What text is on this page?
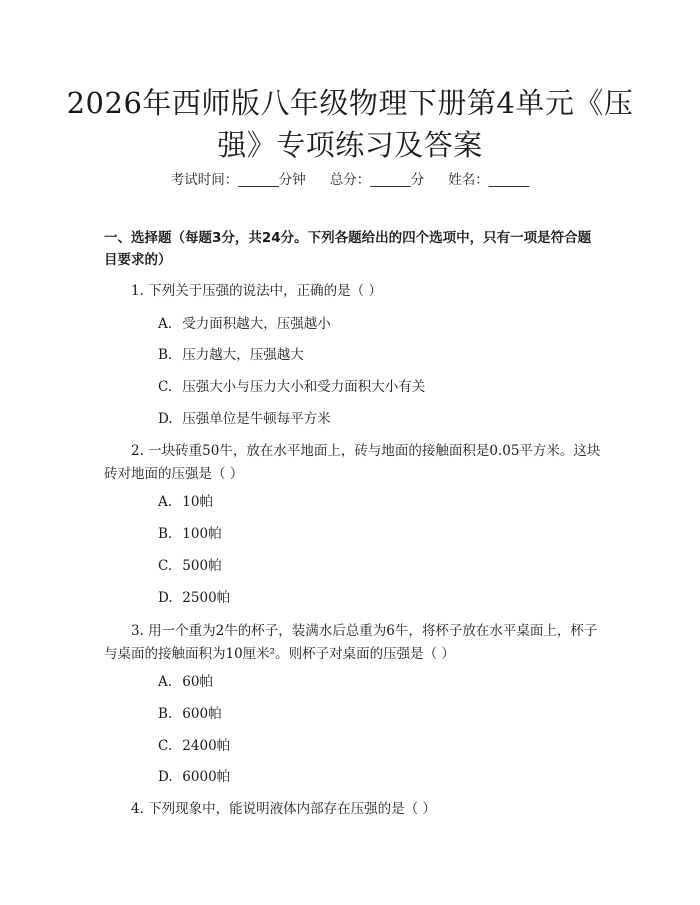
2026年西师版八年级物理下册第4单元《压强》专项练习及答案
考试时间：______分钟 总分：______分 姓名：______
一、选择题（每题3分，共24分。下列各题给出的四个选项中，只有一项是符合题目要求的）
1. 下列关于压强的说法中，正确的是（ ）
A. 受力面积越大，压强越小
B. 压力越大，压强越大
C. 压强大小与压力大小和受力面积大小有关
D. 压强单位是牛顿每平方米
2. 一块砖重50牛，放在水平地面上，砖与地面的接触面积是0.05平方米。这块砖对地面的压强是（ ）
A. 10帕
B. 100帕
C. 500帕
D. 2500帕
3. 用一个重为2牛的杯子，装满水后总重为6牛，将杯子放在水平桌面上，杯子与桌面的接触面积为10厘米²。则杯子对桌面的压强是（ ）
A. 60帕
B. 600帕
C. 2400帕
D. 6000帕
4. 下列现象中，能说明液体内部存在压强的是（ ）
